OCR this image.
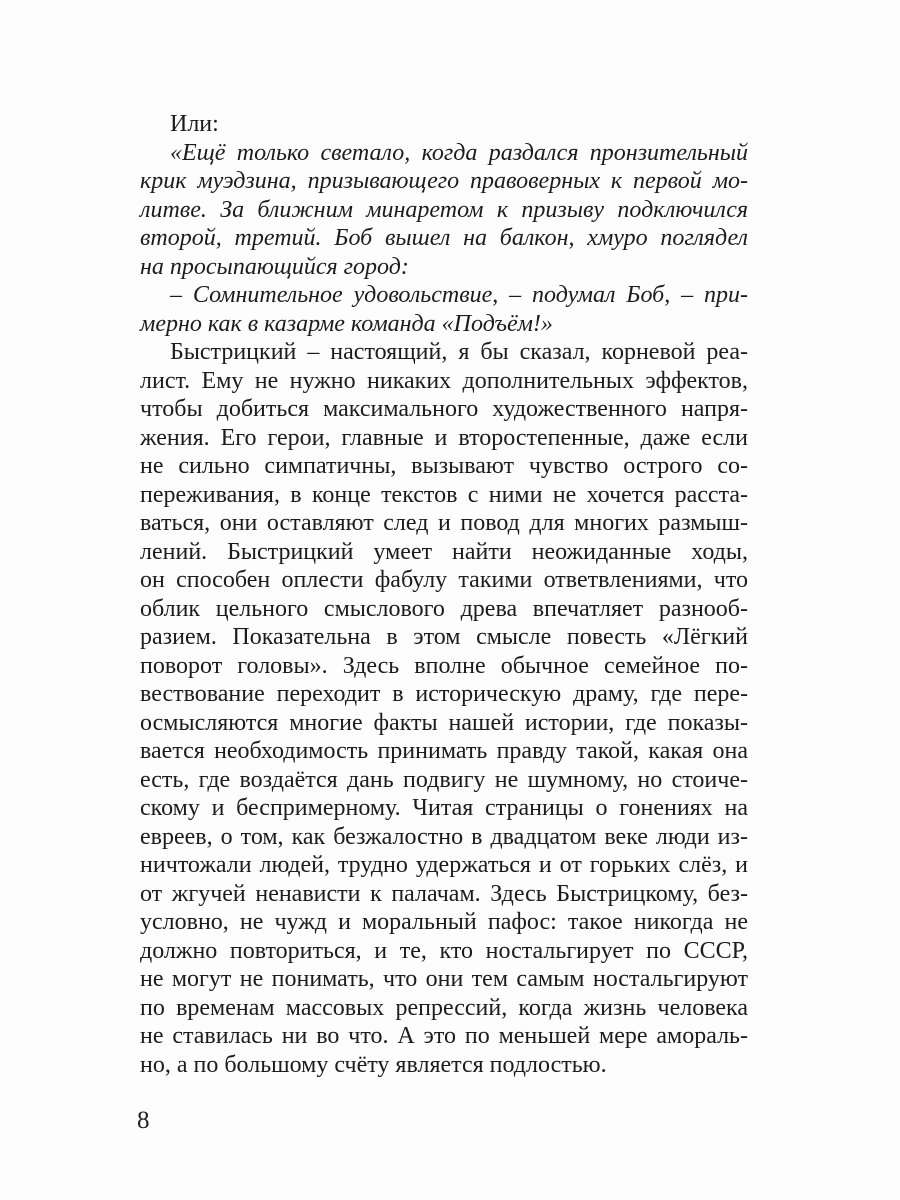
Или:
«Ещё только светало, когда раздался пронзительный
крик муэдзина, призывающего правоверных к первой мо-
литве. За ближним минаретом к призыву подключился
второй, третий. Боб вышел на балкон, хмуро поглядел
на просыпающийся город:
– Сомнительное удовольствие, – подумал Боб, – при-
мерно как в казарме команда «Подъём!»
Быстрицкий – настоящий, я бы сказал, корневой реа-
лист. Ему не нужно никаких дополнительных эффектов,
чтобы добиться максимального художественного напря-
жения. Его герои, главные и второстепенные, даже если
не сильно симпатичны, вызывают чувство острого со-
переживания, в конце текстов с ними не хочется расста-
ваться, они оставляют след и повод для многих размыш-
лений. Быстрицкий умеет найти неожиданные ходы,
он способен оплести фабулу такими ответвлениями, что
облик цельного смыслового древа впечатляет разнооб-
разием. Показательна в этом смысле повесть «Лёгкий
поворот головы». Здесь вполне обычное семейное по-
вествование переходит в историческую драму, где пере-
осмысляются многие факты нашей истории, где показы-
вается необходимость принимать правду такой, какая она
есть, где воздаётся дань подвигу не шумному, но стоиче-
скому и беспримерному. Читая страницы о гонениях на
евреев, о том, как безжалостно в двадцатом веке люди из-
ничтожали людей, трудно удержаться и от горьких слёз, и
от жгучей ненависти к палачам. Здесь Быстрицкому, без-
условно, не чужд и моральный пафос: такое никогда не
должно повториться, и те, кто ностальгирует по СССР,
не могут не понимать, что они тем самым ностальгируют
по временам массовых репрессий, когда жизнь человека
не ставилась ни во что. А это по меньшей мере амораль-
но, а по большому счёту является подлостью.
8
